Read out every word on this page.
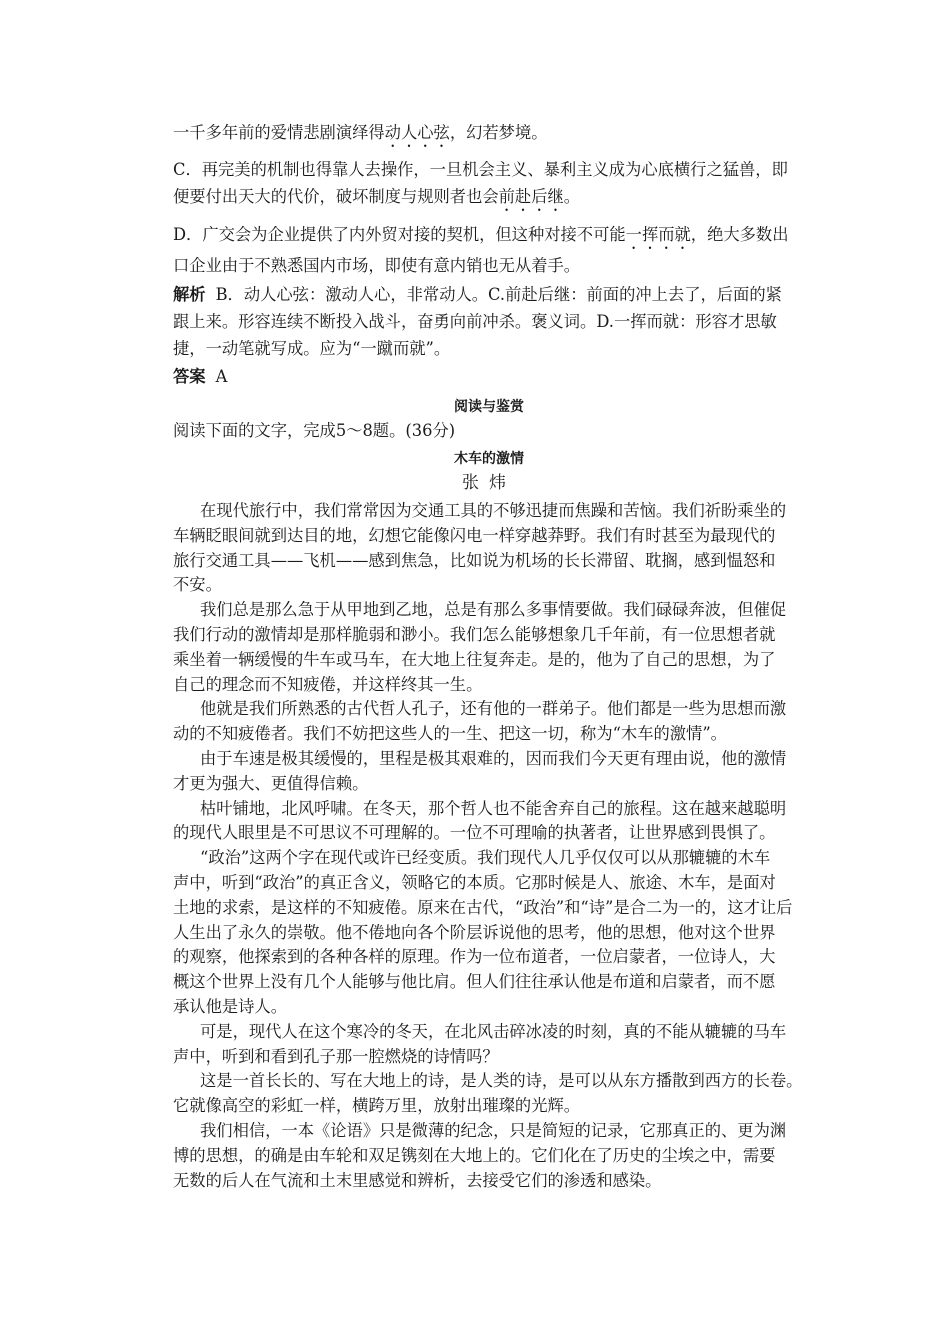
一千多年前的爱情悲剧演绎得动人心弦，幻若梦境。
C．再完美的机制也得靠人去操作，一旦机会主义、暴利主义成为心底横行之猛兽，即
便要付出天大的代价，破坏制度与规则者也会前赴后继。
D．广交会为企业提供了内外贸对接的契机，但这种对接不可能一挥而就，绝大多数出
口企业由于不熟悉国内市场，即使有意内销也无从着手。
解析 B．动人心弦：激动人心，非常动人。C.前赴后继：前面的冲上去了，后面的紧
跟上来。形容连续不断投入战斗，奋勇向前冲杀。褒义词。D.一挥而就：形容才思敏
捷，一动笔就写成。应为“一蹴而就”。
答案 A
阅读与鉴赏
阅读下面的文字，完成5～8题。(36分)
木车的激情
张炜
在现代旅行中，我们常常因为交通工具的不够迅捷而焦躁和苦恼。我们祈盼乘坐的
车辆眨眼间就到达目的地，幻想它能像闪电一样穿越莽野。我们有时甚至为最现代的
旅行交通工具——飞机——感到焦急，比如说为机场的长长滞留、耽搁，感到愠怒和
不安。
我们总是那么急于从甲地到乙地，总是有那么多事情要做。我们碌碌奔波，但催促
我们行动的激情却是那样脆弱和渺小。我们怎么能够想象几千年前，有一位思想者就
乘坐着一辆缓慢的牛车或马车，在大地上往复奔走。是的，他为了自己的思想，为了
自己的理念而不知疲倦，并这样终其一生。
他就是我们所熟悉的古代哲人孔子，还有他的一群弟子。他们都是一些为思想而激
动的不知疲倦者。我们不妨把这些人的一生、把这一切，称为“木车的激情”。
由于车速是极其缓慢的，里程是极其艰难的，因而我们今天更有理由说，他的激情
才更为强大、更值得信赖。
枯叶铺地，北风呼啸。在冬天，那个哲人也不能舍弃自己的旅程。这在越来越聪明
的现代人眼里是不可思议不可理解的。一位不可理喻的执著者，让世界感到畏惧了。
“政治”这两个字在现代或许已经变质。我们现代人几乎仅仅可以从那辘辘的木车
声中，听到“政治”的真正含义，领略它的本质。它那时候是人、旅途、木车，是面对
土地的求索，是这样的不知疲倦。原来在古代，“政治”和“诗”是合二为一的，这才让后
人生出了永久的崇敬。他不倦地向各个阶层诉说他的思考，他的思想，他对这个世界
的观察，他探索到的各种各样的原理。作为一位布道者，一位启蒙者，一位诗人，大
概这个世界上没有几个人能够与他比肩。但人们往往承认他是布道和启蒙者，而不愿
承认他是诗人。
可是，现代人在这个寒冷的冬天，在北风击碎冰凌的时刻，真的不能从辘辘的马车
声中，听到和看到孔子那一腔燃烧的诗情吗？
这是一首长长的、写在大地上的诗，是人类的诗，是可以从东方播散到西方的长卷。
它就像高空的彩虹一样，横跨万里，放射出璀璨的光辉。
我们相信，一本《论语》只是微薄的纪念，只是简短的记录，它那真正的、更为渊
博的思想，的确是由车轮和双足镌刻在大地上的。它们化在了历史的尘埃之中，需要
无数的后人在气流和土末里感觉和辨析，去接受它们的渗透和感染。
